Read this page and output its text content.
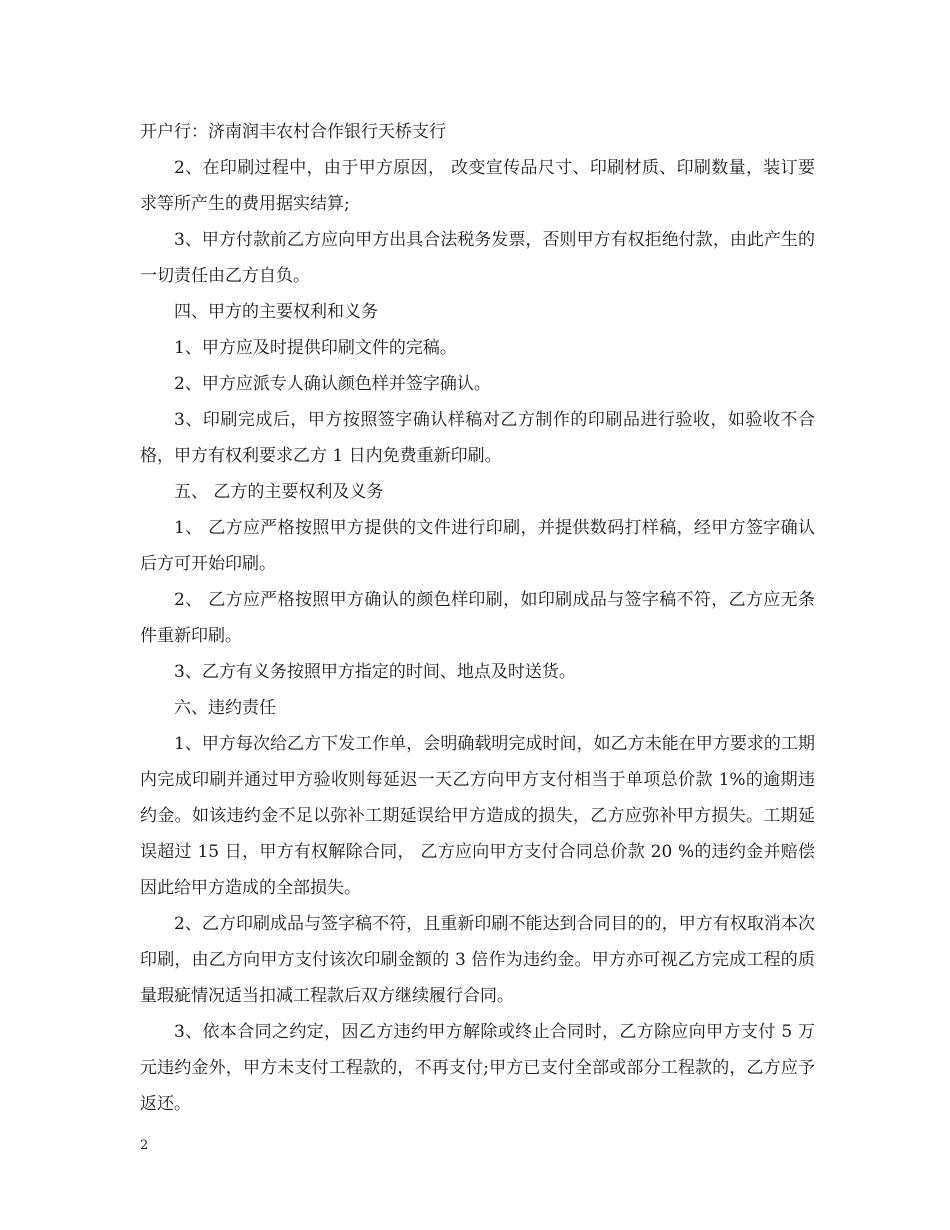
开户行：济南润丰农村合作银行天桥支行

2、在印刷过程中，由于甲方原因， 改变宣传品尺寸、印刷材质、印刷数量，装订要求等所产生的费用据实结算;

3、甲方付款前乙方应向甲方出具合法税务发票，否则甲方有权拒绝付款，由此产生的一切责任由乙方自负。

四、甲方的主要权利和义务

1、甲方应及时提供印刷文件的完稿。

2、甲方应派专人确认颜色样并签字确认。

3、印刷完成后，甲方按照签字确认样稿对乙方制作的印刷品进行验收，如验收不合格，甲方有权利要求乙方 1 日内免费重新印刷。

五、 乙方的主要权利及义务

1、 乙方应严格按照甲方提供的文件进行印刷，并提供数码打样稿，经甲方签字确认后方可开始印刷。

2、 乙方应严格按照甲方确认的颜色样印刷，如印刷成品与签字稿不符，乙方应无条件重新印刷。

3、乙方有义务按照甲方指定的时间、地点及时送货。

六、违约责任

1、甲方每次给乙方下发工作单，会明确载明完成时间，如乙方未能在甲方要求的工期内完成印刷并通过甲方验收则每延迟一天乙方向甲方支付相当于单项总价款 1%的逾期违约金。如该违约金不足以弥补工期延误给甲方造成的损失，乙方应弥补甲方损失。工期延误超过 15 日，甲方有权解除合同， 乙方应向甲方支付合同总价款 20 %的违约金并赔偿因此给甲方造成的全部损失。

2、乙方印刷成品与签字稿不符，且重新印刷不能达到合同目的的，甲方有权取消本次印刷，由乙方向甲方支付该次印刷金额的 3 倍作为违约金。甲方亦可视乙方完成工程的质量瑕疵情况适当扣减工程款后双方继续履行合同。

3、依本合同之约定，因乙方违约甲方解除或终止合同时，乙方除应向甲方支付 5 万元违约金外，甲方未支付工程款的，不再支付;甲方已支付全部或部分工程款的，乙方应予返还。

2
